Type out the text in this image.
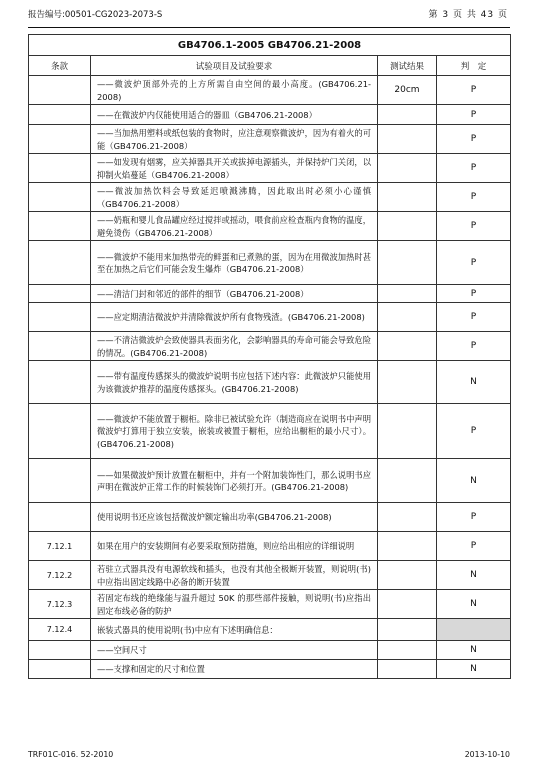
报告编号:00501-CG2023-2073-S	第 3 页 共 43 页
GB4706.1-2005 GB4706.21-2008			
条款	试验项目及试验要求	测试结果	判　定
	——微波炉顶部外壳的上方所需自由空间的最小高度。(GB4706.21-2008)	20cm	P
	——在微波炉内仅能使用适合的器皿（GB4706.21-2008）		P
	——当加热用塑料或纸包装的食物时，应注意观察微波炉，因为有着火的可能（GB4706.21-2008）		P
	——如发现有烟雾，应关掉器具开关或拔掉电源插头，并保持炉门关闭，以抑制火焰蔓延（GB4706.21-2008）		P
	——微波加热饮料会导致延迟喷溅沸腾，因此取出时必须小心谨慎（GB4706.21-2008）		P
	——奶瓶和婴儿食品罐应经过搅拌或摇动，喂食前应检查瓶内食物的温度，避免烫伤（GB4706.21-2008）		P
	——微波炉不能用来加热带壳的鲜蛋和已煮熟的蛋，因为在用微波加热时甚至在加热之后它们可能会发生爆炸（GB4706.21-2008）		P
	——清洁门封和邻近的部件的细节（GB4706.21-2008）		P
	——应定期清洁微波炉并清除微波炉所有食物残渣。(GB4706.21-2008)		P
	——不清洁微波炉会致使器具表面劣化，会影响器具的寿命可能会导致危险的情况。(GB4706.21-2008)		P
	——带有温度传感探头的微波炉说明书应包括下述内容：此微波炉只能使用为该微波炉推荐的温度传感探头。(GB4706.21-2008)		N
	——微波炉不能放置于橱柜。除非已被试验允许（制造商应在说明书中声明微波炉打算用于独立安装，嵌装或被置于橱柜，应给出橱柜的最小尺寸）。(GB4706.21-2008)		P
	——如果微波炉预计放置在橱柜中，并有一个附加装饰性门，那么说明书应声明在微波炉正常工作的时候装饰门必须打开。(GB4706.21-2008)		N
	使用说明书还应该包括微波炉额定输出功率(GB4706.21-2008)		P
7.12.1	如果在用户的安装期间有必要采取预防措施，则应给出相应的详细说明		P
7.12.2	若驻立式器具没有电源软线和插头，也没有其他全极断开装置，则说明(书)中应指出固定线路中必备的断开装置		N
7.12.3	若固定布线的绝缘能与温升超过 50K 的那些部件接触，则说明(书)应指出固定布线必备的防护		N
7.12.4	嵌装式器具的使用说明(书)中应有下述明确信息：		
	——空间尺寸		N
	——支撑和固定的尺寸和位置		N
TRF01C-016. 52-2010	2013-10-10
